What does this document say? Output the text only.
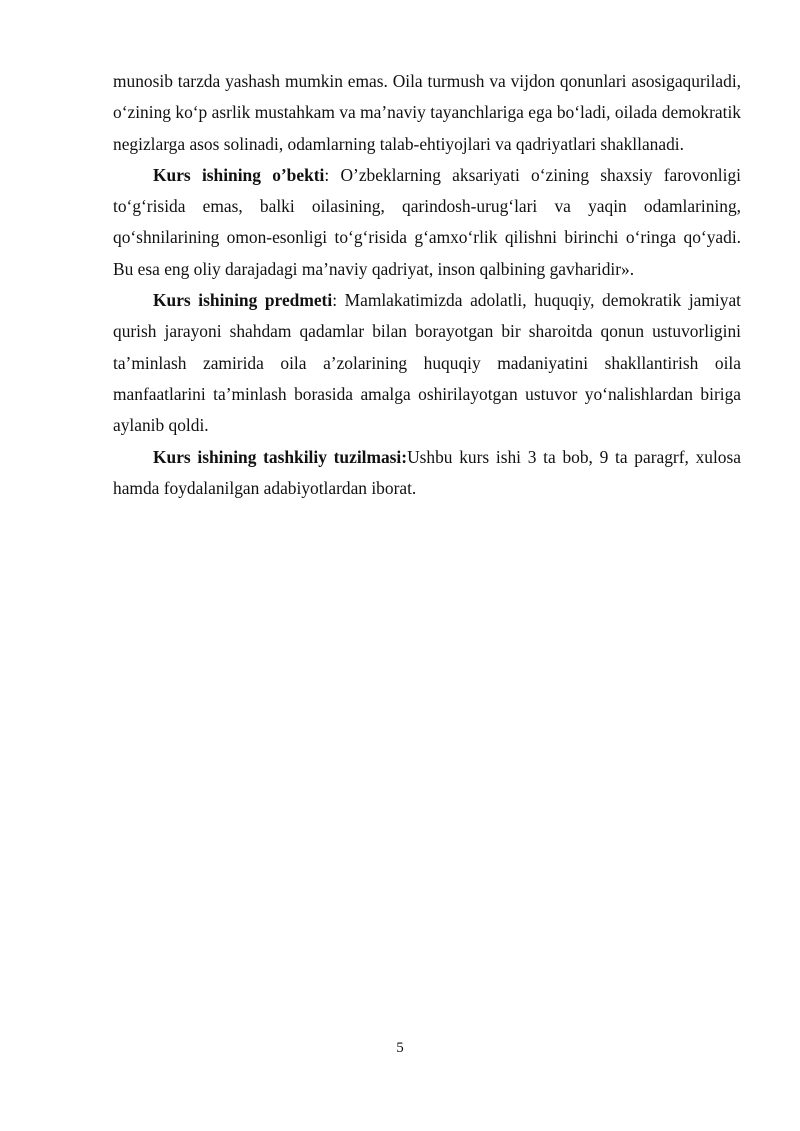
munosib tarzda yashash mumkin emas. Oila turmush va vijdon qonunlari asosigaquriladi, o‘zining ko‘p asrlik mustahkam va ma’naviy tayanchlariga ega bo‘ladi, oilada demokratik negizlarga asos solinadi, odamlarning talab-ehtiyojlari va qadriyatlari shakllanadi.

Kurs ishining o’bekti: O’zbeklarning aksariyati o‘zining shaxsiy farovonligi to‘g‘risida emas, balki oilasining, qarindosh-urug‘lari va yaqin odamlarining, qo‘shnilarining omon-esonligi to‘g‘risida g‘amxo‘rlik qilishni birinchi o‘ringa qo‘yadi. Bu esa eng oliy darajadagi ma’naviy qadriyat, inson qalbining gavharidir».

Kurs ishining predmeti: Mamlakatimizda adolatli, huquqiy, demokratik jamiyat qurish jarayoni shahdam qadamlar bilan borayotgan bir sharoitda qonun ustuvorligini ta’minlash zamirida oila a’zolarining huquqiy madaniyatini shakllantirish oila manfaatlarini ta’minlash borasida amalga oshirilayotgan ustuvor yo‘nalishlardan biriga aylanib qoldi.

Kurs ishining tashkiliy tuzilmasi:Ushbu kurs ishi 3 ta bob, 9 ta paragrf, xulosa hamda foydalanilgan adabiyotlardan iborat.

5
